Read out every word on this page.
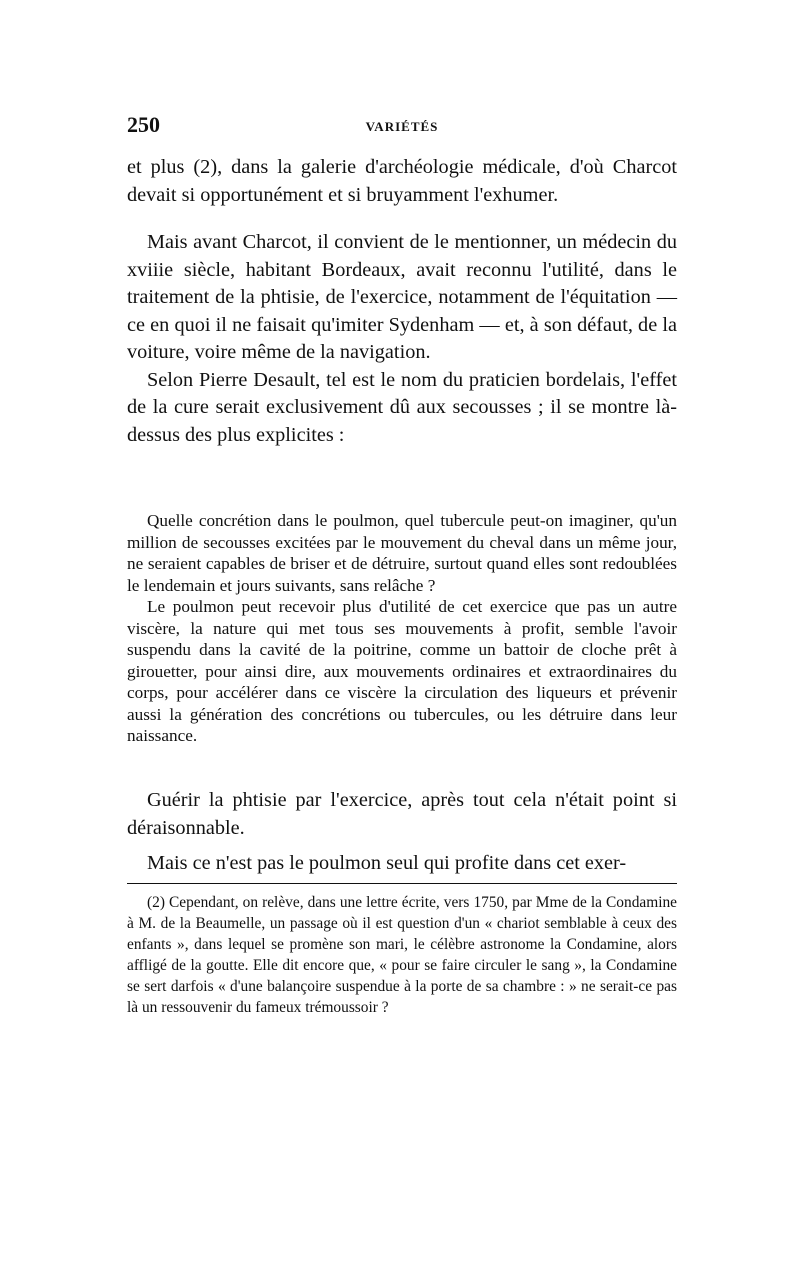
250	VARIÉTÉS

et plus (2), dans la galerie d'archéologie médicale, d'où Charcot devait si opportunément et si bruyamment l'exhumer.

Mais avant Charcot, il convient de le mentionner, un médecin du xviiie siècle, habitant Bordeaux, avait reconnu l'utilité, dans le traitement de la phtisie, de l'exercice, notamment de l'équitation — ce en quoi il ne faisait qu'imiter Sydenham — et, à son défaut, de la voiture, voire même de la navigation.

Selon Pierre Desault, tel est le nom du praticien bordelais, l'effet de la cure serait exclusivement dû aux secousses ; il se montre là-dessus des plus explicites :

Quelle concrétion dans le poulmon, quel tubercule peut-on imaginer, qu'un million de secousses excitées par le mouvement du cheval dans un même jour, ne seraient capables de briser et de détruire, surtout quand elles sont redoublées le lendemain et jours suivants, sans relâche ?

Le poulmon peut recevoir plus d'utilité de cet exercice que pas un autre viscère, la nature qui met tous ses mouvements à profit, semble l'avoir suspendu dans la cavité de la poitrine, comme un battoir de cloche prêt à girouetter, pour ainsi dire, aux mouvements ordinaires et extraordinaires du corps, pour accélérer dans ce viscère la circulation des liqueurs et prévenir aussi la génération des concrétions ou tubercules, ou les détruire dans leur naissance.

Guérir la phtisie par l'exercice, après tout cela n'était point si déraisonnable.

Mais ce n'est pas le poulmon seul qui profite dans cet exer-

(2) Cependant, on relève, dans une lettre écrite, vers 1750, par Mme de la Condamine à M. de la Beaumelle, un passage où il est question d'un « chariot semblable à ceux des enfants », dans lequel se promène son mari, le célèbre astronome la Condamine, alors affligé de la goutte. Elle dit encore que, « pour se faire circuler le sang », la Condamine se sert darfois « d'une balançoire suspendue à la porte de sa chambre : » ne serait-ce pas là un ressouvenir du fameux trémoussoir ?
